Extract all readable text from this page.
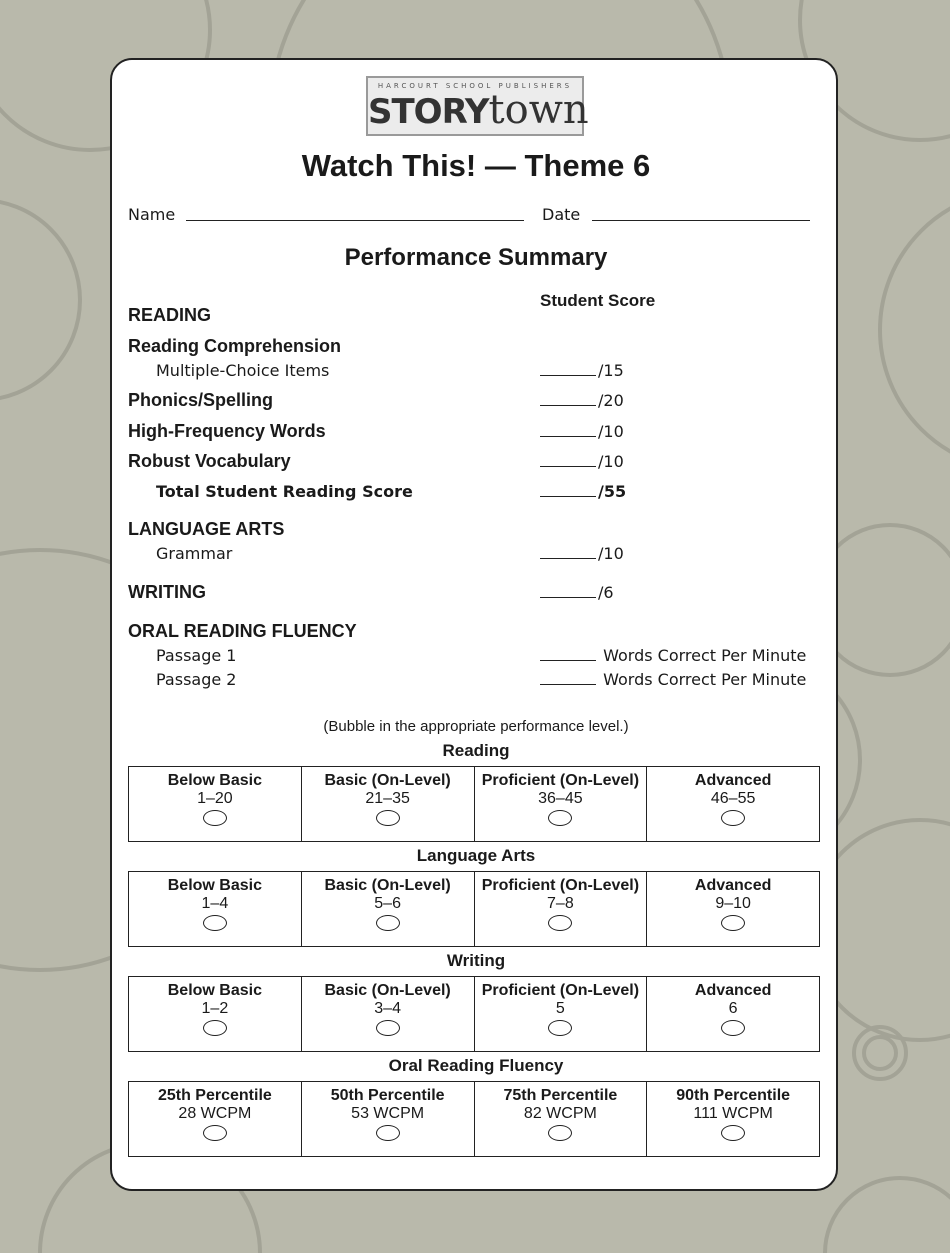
HARCOURT SCHOOL PUBLISHERS
STORYtown
Watch This! — Theme 6
Name	Date
Performance Summary
Student Score
READING
Reading Comprehension
Multiple-Choice Items	/15
Phonics/Spelling	/20
High-Frequency Words	/10
Robust Vocabulary	/10
Total Student Reading Score	/55
LANGUAGE ARTS
Grammar	/10
WRITING	/6
ORAL READING FLUENCY
Passage 1	Words Correct Per Minute
Passage 2	Words Correct Per Minute
(Bubble in the appropriate performance level.)
Reading
Below Basic
1–20

Basic (On-Level)
21–35

Proficient (On-Level)
36–45

Advanced
46–55
Language Arts
Below Basic
1–4

Basic (On-Level)
5–6

Proficient (On-Level)
7–8

Advanced
9–10
Writing
Below Basic
1–2

Basic (On-Level)
3–4

Proficient (On-Level)
5

Advanced
6
Oral Reading Fluency
25th Percentile
28 WCPM

50th Percentile
53 WCPM

75th Percentile
82 WCPM

90th Percentile
111 WCPM
